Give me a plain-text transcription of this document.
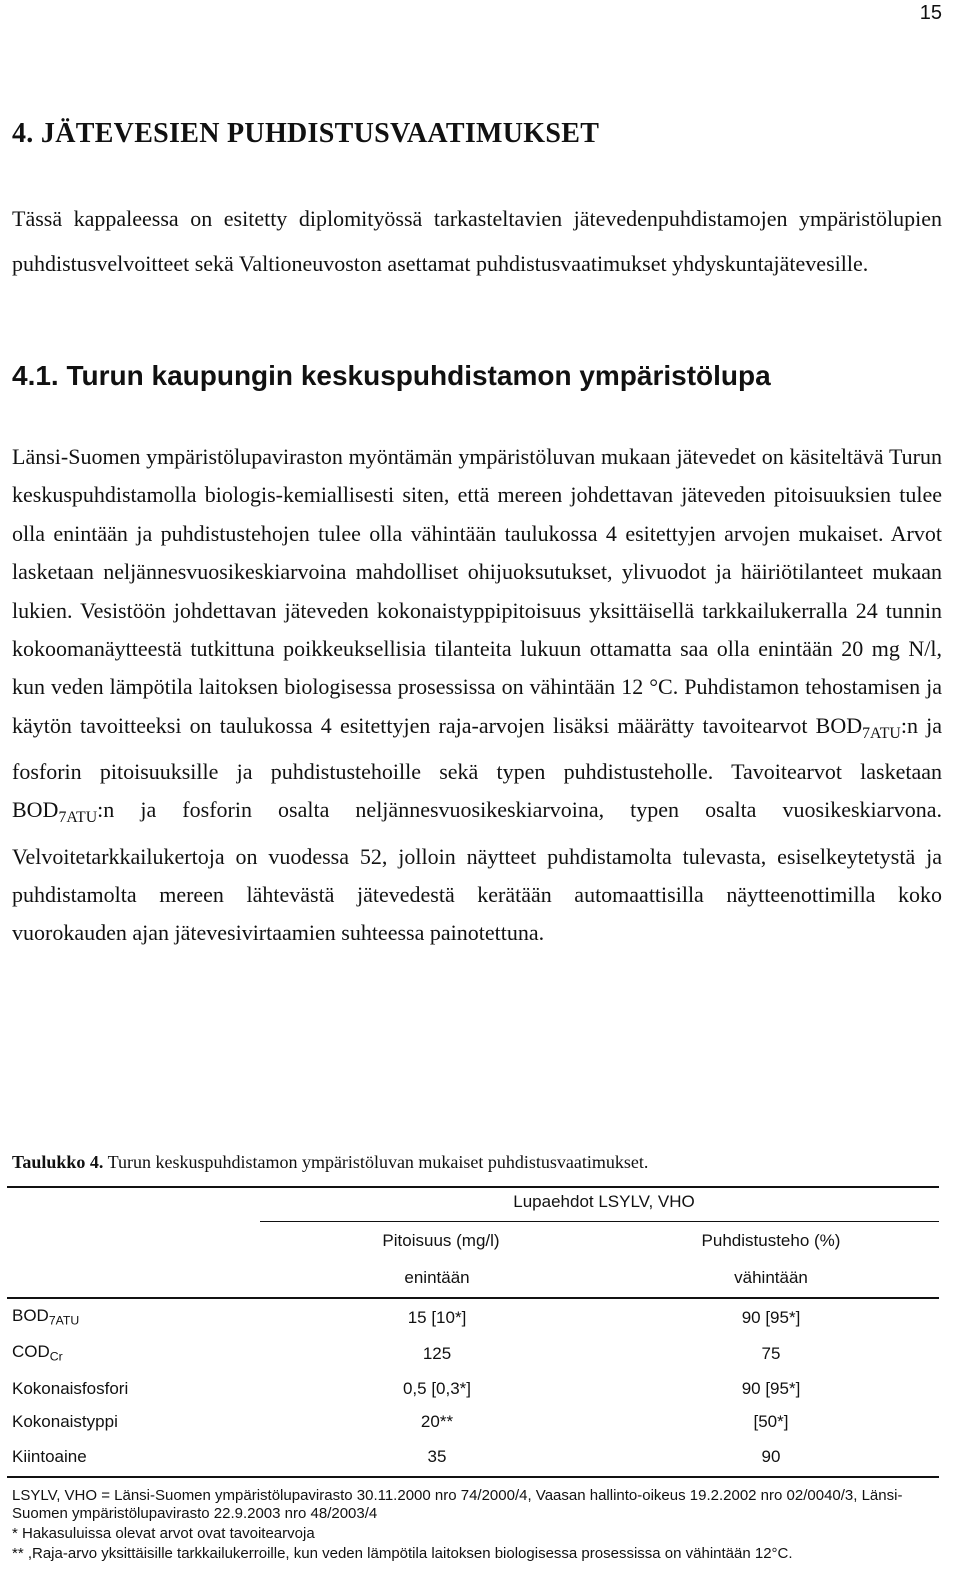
15
4. JÄTEVESIEN PUHDISTUSVAATIMUKSET

Tässä kappaleessa on esitetty diplomityössä tarkasteltavien jätevedenpuhdistamojen ympäristölupien puhdistusvelvoitteet sekä Valtioneuvoston asettamat puhdistusvaatimukset yhdyskuntajätevesille.

4.1. Turun kaupungin keskuspuhdistamon ympäristölupa

Länsi-Suomen ympäristölupaviraston myöntämän ympäristöluvan mukaan jätevedet on käsiteltävä Turun keskuspuhdistamolla biologis-kemiallisesti siten, että mereen johdettavan jäteveden pitoisuuksien tulee olla enintään ja puhdistustehojen tulee olla vähintään taulukossa 4 esitettyjen arvojen mukaiset. Arvot lasketaan neljännesvuosikeskiarvoina mahdolliset ohijuoksutukset, ylivuodot ja häiriötilanteet mukaan lukien. Vesistöön johdettavan jäteveden kokonaistyppipitoisuus yksittäisellä tarkkailukerralla 24 tunnin kokoomanäytteestä tutkittuna poikkeuksellisia tilanteita lukuun ottamatta saa olla enintään 20 mg N/l, kun veden lämpötila laitoksen biologisessa prosessissa on vähintään 12 °C. Puhdistamon tehostamisen ja käytön tavoitteeksi on taulukossa 4 esitettyjen raja-arvojen lisäksi määrätty tavoitearvot $BOD_{7ATU}:n$ ja fosforin pitoisuuksille ja puhdistustehoille sekä typen puhdistusteholle. Tavoitearvot lasketaan $BOD_{7ATU}:n$ ja fosforin osalta neljännesvuosikeskiarvoina, typen osalta vuosikeskiarvona. Velvoitetarkkailukertoja on vuodessa 52, jolloin näytteet puhdistamolta tulevasta, esiselkeytetystä ja puhdistamolta mereen lähtevästä jätevedestä kerätään automaattisilla näytteenottimilla koko vuorokauden ajan jätevesivirtaamien suhteessa painotettuna.

Taulukko 4. Turun keskuspuhdistamon ympäristöluvan mukaiset puhdistusvaatimukset.

Lupaehdot LSYLV, VHO
Pitoisuus (mg/l)	Puhdistusteho (%)
enintään	vähintään
$BOD_{7ATU}$	15 [10*]	90 [95*]
$COD_{Cr}$	125	75
Kokonaisfosfori	0,5 [0,3*]	90 [95*]
Kokonaistyppi	20**	[50*]
Kiintoaine	35	90

LSYLV, VHO = Länsi-Suomen ympäristölupavirasto 30.11.2000 nro 74/2000/4, Vaasan hallinto-oikeus 19.2.2002 nro 02/0040/3, Länsi-Suomen ympäristölupavirasto 22.9.2003 nro 48/2003/4

* Hakasuluissa olevat arvot ovat tavoitearvoja

** ,Raja-arvo yksittäisille tarkkailukerroille, kun veden lämpötila laitoksen biologisessa prosessissa on vähintään 12°C.
